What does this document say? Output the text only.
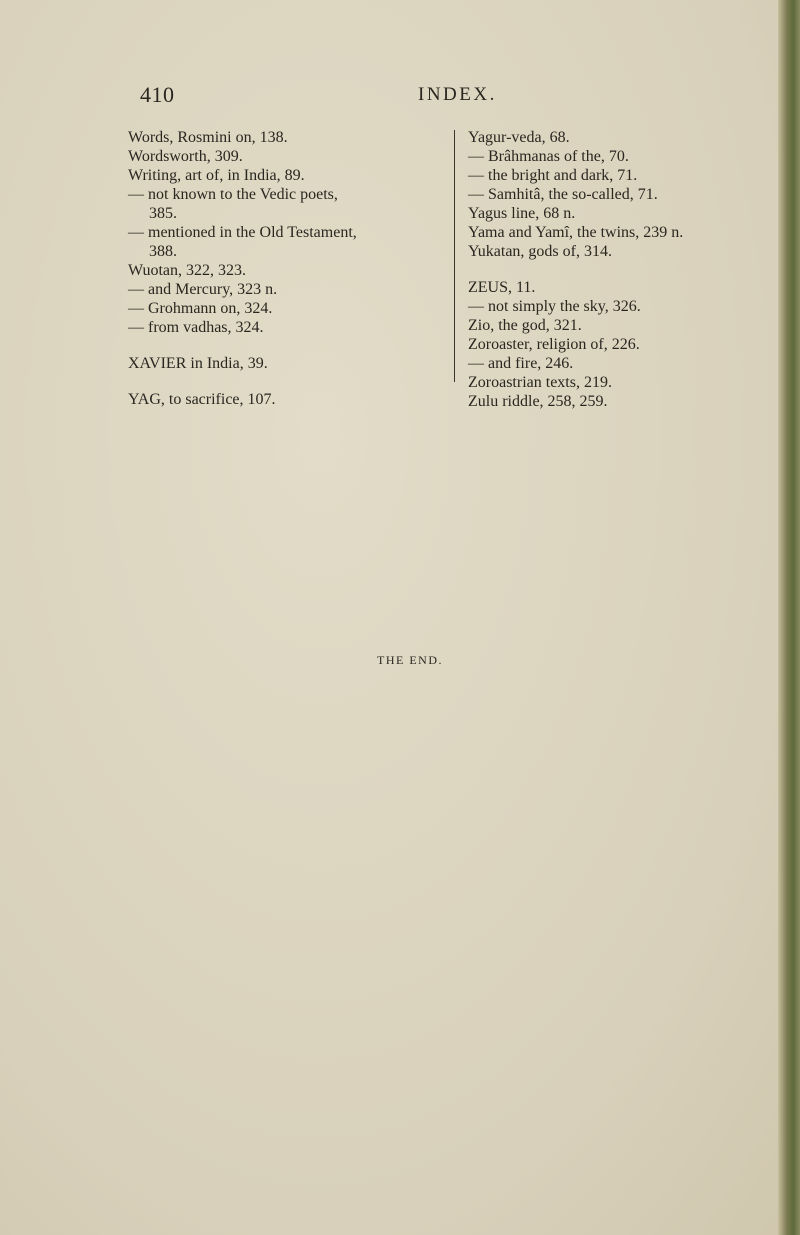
410	INDEX.
Words, Rosmini on, 138.
Wordsworth, 309.
Writing, art of, in India, 89.
— not known to the Vedic poets,
385.
— mentioned in the Old Testament,
388.
Wuotan, 322, 323.
— and Mercury, 323 n.
— Grohmann on, 324.
— from vadhas, 324.
XAVIER in India, 39.
YAG, to sacrifice, 107.
Yagur-veda, 68.
— Brâhmanas of the, 70.
— the bright and dark, 71.
— Samhitâ, the so-called, 71.
Yagus line, 68 n.
Yama and Yamî, the twins, 239 n.
Yukatan, gods of, 314.
ZEUS, 11.
— not simply the sky, 326.
Zio, the god, 321.
Zoroaster, religion of, 226.
— and fire, 246.
Zoroastrian texts, 219.
Zulu riddle, 258, 259.
THE END.
